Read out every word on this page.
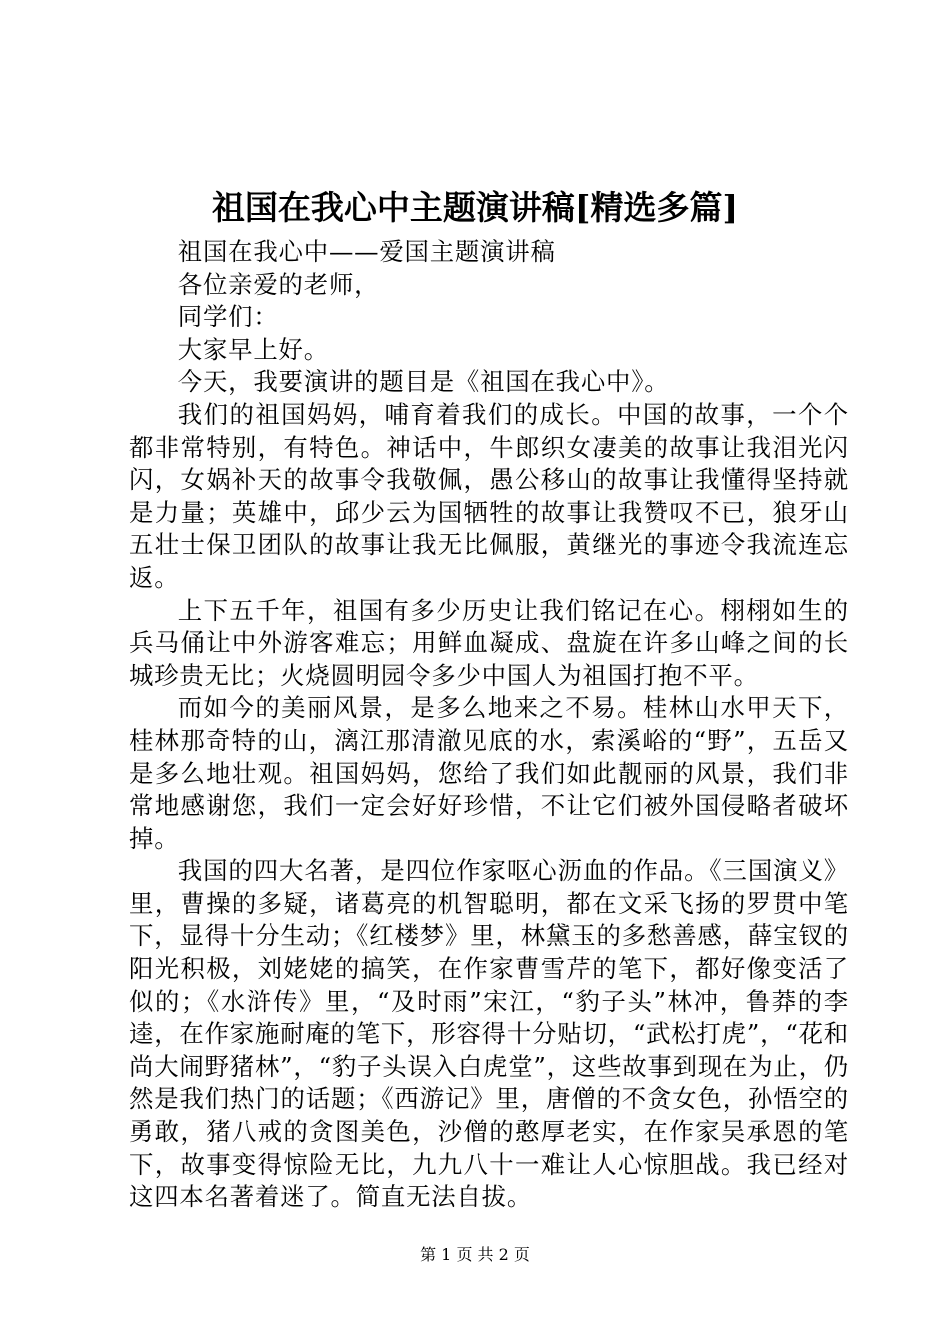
祖国在我心中主题演讲稿[精选多篇]

祖国在我心中——爱国主题演讲稿

各位亲爱的老师，

同学们：

大家早上好。

今天，我要演讲的题目是《祖国在我心中》。

我们的祖国妈妈，哺育着我们的成长。中国的故事，一个个都非常特别，有特色。神话中，牛郎织女凄美的故事让我泪光闪闪，女娲补天的故事令我敬佩，愚公移山的故事让我懂得坚持就是力量；英雄中，邱少云为国牺牲的故事让我赞叹不已，狼牙山五壮士保卫团队的故事让我无比佩服，黄继光的事迹令我流连忘返。

上下五千年，祖国有多少历史让我们铭记在心。栩栩如生的兵马俑让中外游客难忘；用鲜血凝成、盘旋在许多山峰之间的长城珍贵无比；火烧圆明园令多少中国人为祖国打抱不平。

而如今的美丽风景，是多么地来之不易。桂林山水甲天下，桂林那奇特的山，漓江那清澈见底的水，索溪峪的“野”，五岳又是多么地壮观。祖国妈妈，您给了我们如此靓丽的风景，我们非常地感谢您，我们一定会好好珍惜，不让它们被外国侵略者破坏掉。

我国的四大名著，是四位作家呕心沥血的作品。《三国演义》里，曹操的多疑，诸葛亮的机智聪明，都在文采飞扬的罗贯中笔下，显得十分生动；《红楼梦》里，林黛玉的多愁善感，薛宝钗的阳光积极，刘姥姥的搞笑，在作家曹雪芹的笔下，都好像变活了似的；《水浒传》里，“及时雨”宋江，“豹子头”林冲，鲁莽的李逵，在作家施耐庵的笔下，形容得十分贴切，“武松打虎”，“花和尚大闹野猪林”，“豹子头误入白虎堂”，这些故事到现在为止，仍然是我们热门的话题；《西游记》里，唐僧的不贪女色，孙悟空的勇敢，猪八戒的贪图美色，沙僧的憨厚老实，在作家吴承恩的笔下，故事变得惊险无比，九九八十一难让人心惊胆战。我已经对这四本名著着迷了。简直无法自拔。

第 1 页 共 2 页
